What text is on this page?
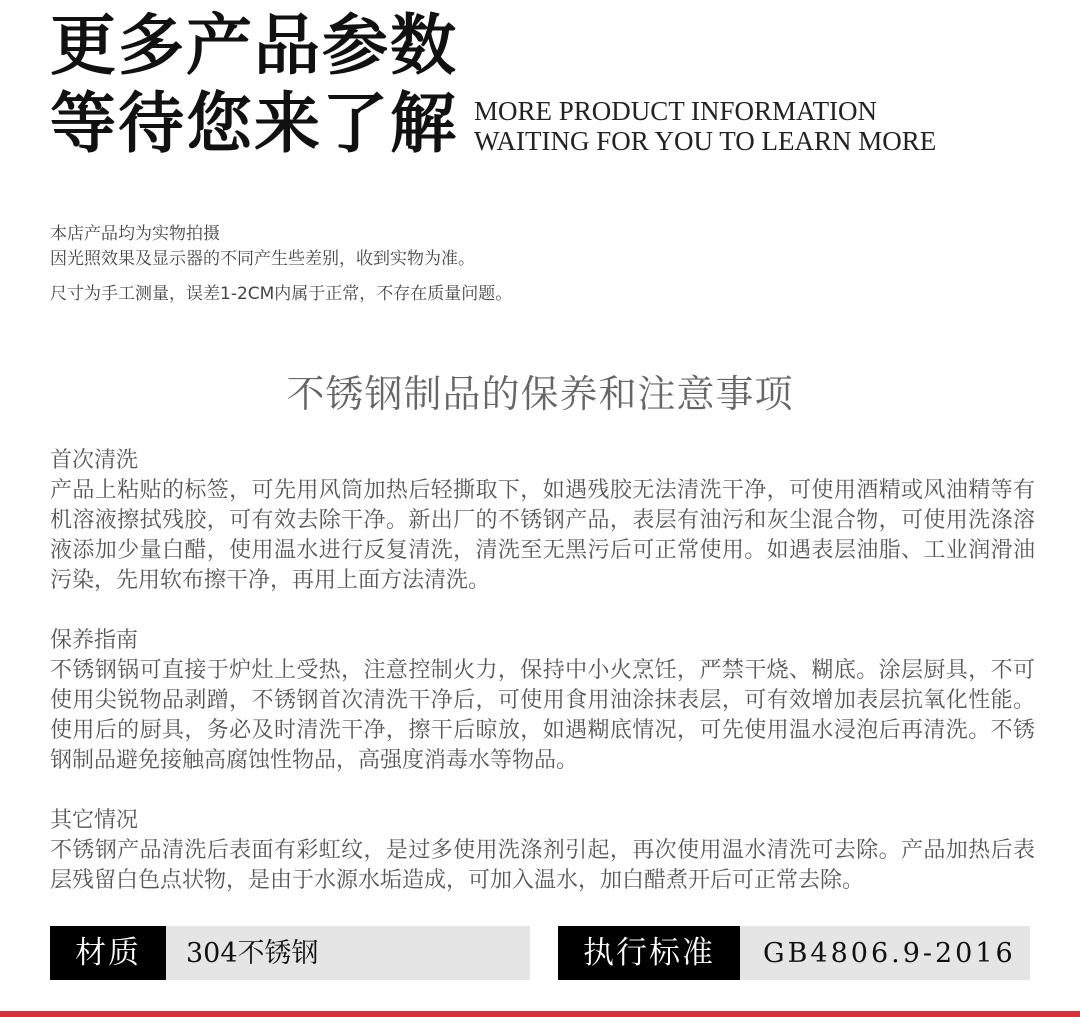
更多产品参数
等待您来了解 MORE PRODUCT INFORMATION
WAITING FOR YOU TO LEARN MORE
本店产品均为实物拍摄
因光照效果及显示器的不同产生些差别，收到实物为准。
尺寸为手工测量，误差1-2CM内属于正常，不存在质量问题。
不锈钢制品的保养和注意事项
首次清洗
产品上粘贴的标签，可先用风筒加热后轻撕取下，如遇残胶无法清洗干净，可使用酒精或风油精等有机溶液擦拭残胶，可有效去除干净。新出厂的不锈钢产品，表层有油污和灰尘混合物，可使用洗涤溶液添加少量白醋，使用温水进行反复清洗，清洗至无黑污后可正常使用。如遇表层油脂、工业润滑油污染，先用软布擦干净，再用上面方法清洗。
保养指南
不锈钢锅可直接于炉灶上受热，注意控制火力，保持中小火烹饪，严禁干烧、糊底。涂层厨具，不可使用尖锐物品剥蹭，不锈钢首次清洗干净后，可使用食用油涂抹表层，可有效增加表层抗氧化性能。使用后的厨具，务必及时清洗干净，擦干后晾放，如遇糊底情况，可先使用温水浸泡后再清洗。不锈钢制品避免接触高腐蚀性物品，高强度消毒水等物品。
其它情况
不锈钢产品清洗后表面有彩虹纹，是过多使用洗涤剂引起，再次使用温水清洗可去除。产品加热后表层残留白色点状物，是由于水源水垢造成，可加入温水，加白醋煮开后可正常去除。
材质	304不锈钢	执行标准	GB4806.9-2016
